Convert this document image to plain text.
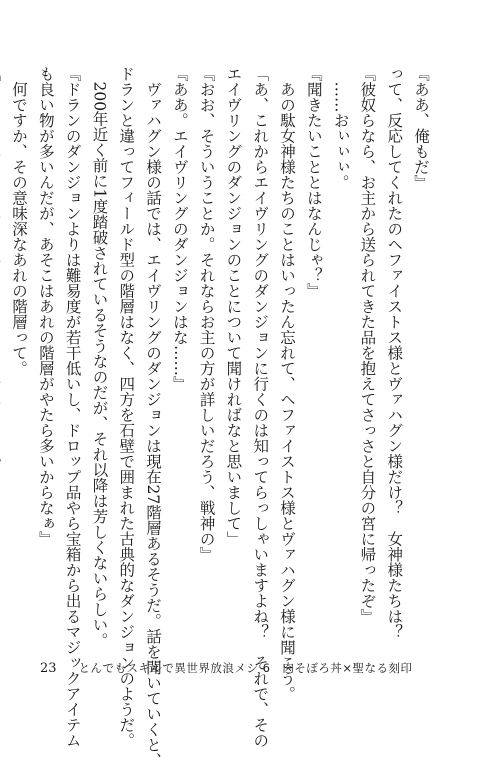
『ああ、俺もだ』
って、反応してくれたのヘファイストス様とヴァハグン様だけ？　女神様たちは？
『彼奴らなら、お主から送られてきた品を抱えてさっさと自分の宮に帰ったぞ』
　……おぃぃぃ。
『聞きたいこととはなんじゃ？』
　あの駄女神様たちのことはいったん忘れて、ヘファイストス様とヴァハグン様に聞こう。
「あ、これからエイヴリングのダンジョンに行くのは知ってらっしゃいますよね？　それで、その
エイヴリングのダンジョンのことについて聞ければなと思いまして」
『おお、そういうことか。それならお主の方が詳しいだろう、戦神の』
『ああ。エイヴリングのダンジョンはな……』
　ヴァハグン様の話では、エイヴリングのダンジョンは現在27階層あるそうだ。話を聞いていくと、
ドランと違ってフィールド型の階層はなく、四方を石壁で囲まれた古典的なダンジョンのようだ。
　200年近く前に1度踏破されているそうなのだが、それ以降は芳しくないらしい。
『ドランのダンジョンよりは難易度が若干低いし、ドロップ品やら宝箱から出るマジックアイテム
も良い物が多いんだが、あそこはあれの階層がやたら多いからなぁ』
　何ですか、その意味深なあれの階層って。
23 とんでもスキルで異世界放浪メシ 6　肉そぼろ丼×聖なる刻印
